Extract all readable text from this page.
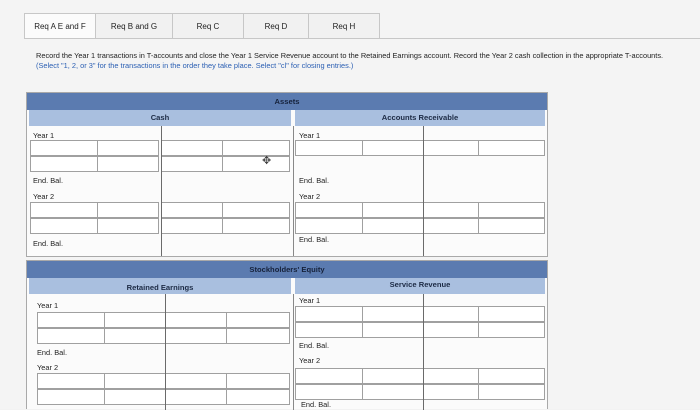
Req A E and F	Req B and G	Req C	Req D	Req H
Record the Year 1 transactions in T-accounts and close the Year 1 Service Revenue account to the Retained Earnings account. Record the Year 2 cash collection in the appropriate T-accounts. (Select "1, 2, or 3" for the transactions in the order they take place. Select "cl" for closing entries.)
Assets
Cash	Accounts Receivable
Year 1
End. Bal.
Year 2
End. Bal.
✥
Year 1
End. Bal.
Year 2
End. Bal.
Stockholders' Equity
Retained Earnings	Service Revenue
Year 1
End. Bal.
Year 2
Year 1
End. Bal.
Year 2
End. Bal.
